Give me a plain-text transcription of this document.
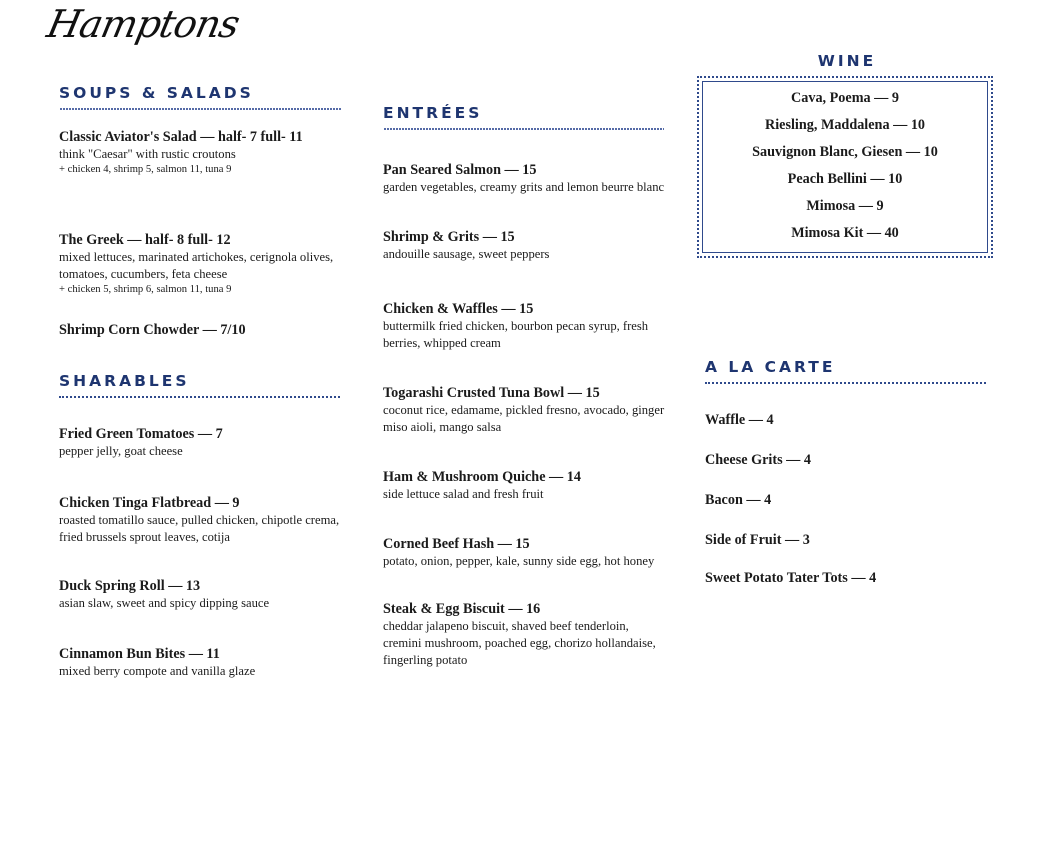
Hamptons
SOUPS & SALADS
Classic Aviator's Salad — half- 7 full- 11
think "Caesar" with rustic croutons
+ chicken 4, shrimp 5, salmon 11, tuna 9
The Greek — half- 8 full- 12
mixed lettuces, marinated artichokes, cerignola olives, tomatoes, cucumbers, feta cheese
+ chicken 5, shrimp 6, salmon 11, tuna 9
Shrimp Corn Chowder — 7/10
SHARABLES
Fried Green Tomatoes — 7
pepper jelly, goat cheese
Chicken Tinga Flatbread — 9
roasted tomatillo sauce, pulled chicken, chipotle crema, fried brussels sprout leaves, cotija
Duck Spring Roll — 13
asian slaw, sweet and spicy dipping sauce
Cinnamon Bun Bites — 11
mixed berry compote and vanilla glaze
ENTRÉES
Pan Seared Salmon — 15
garden vegetables, creamy grits and lemon beurre blanc
Shrimp & Grits — 15
andouille sausage, sweet peppers
Chicken & Waffles — 15
buttermilk fried chicken, bourbon pecan syrup, fresh berries, whipped cream
Togarashi Crusted Tuna Bowl — 15
coconut rice, edamame, pickled fresno, avocado, ginger miso aioli, mango salsa
Ham & Mushroom Quiche — 14
side lettuce salad and fresh fruit
Corned Beef Hash — 15
potato, onion, pepper, kale, sunny side egg, hot honey
Steak & Egg Biscuit — 16
cheddar jalapeno biscuit, shaved beef tenderloin, cremini mushroom, poached egg, chorizo hollandaise, fingerling potato
WINE
Cava, Poema — 9
Riesling, Maddalena — 10
Sauvignon Blanc, Giesen — 10
Peach Bellini — 10
Mimosa — 9
Mimosa Kit — 40
A LA CARTE
Waffle — 4
Cheese Grits — 4
Bacon — 4
Side of Fruit — 3
Sweet Potato Tater Tots — 4
